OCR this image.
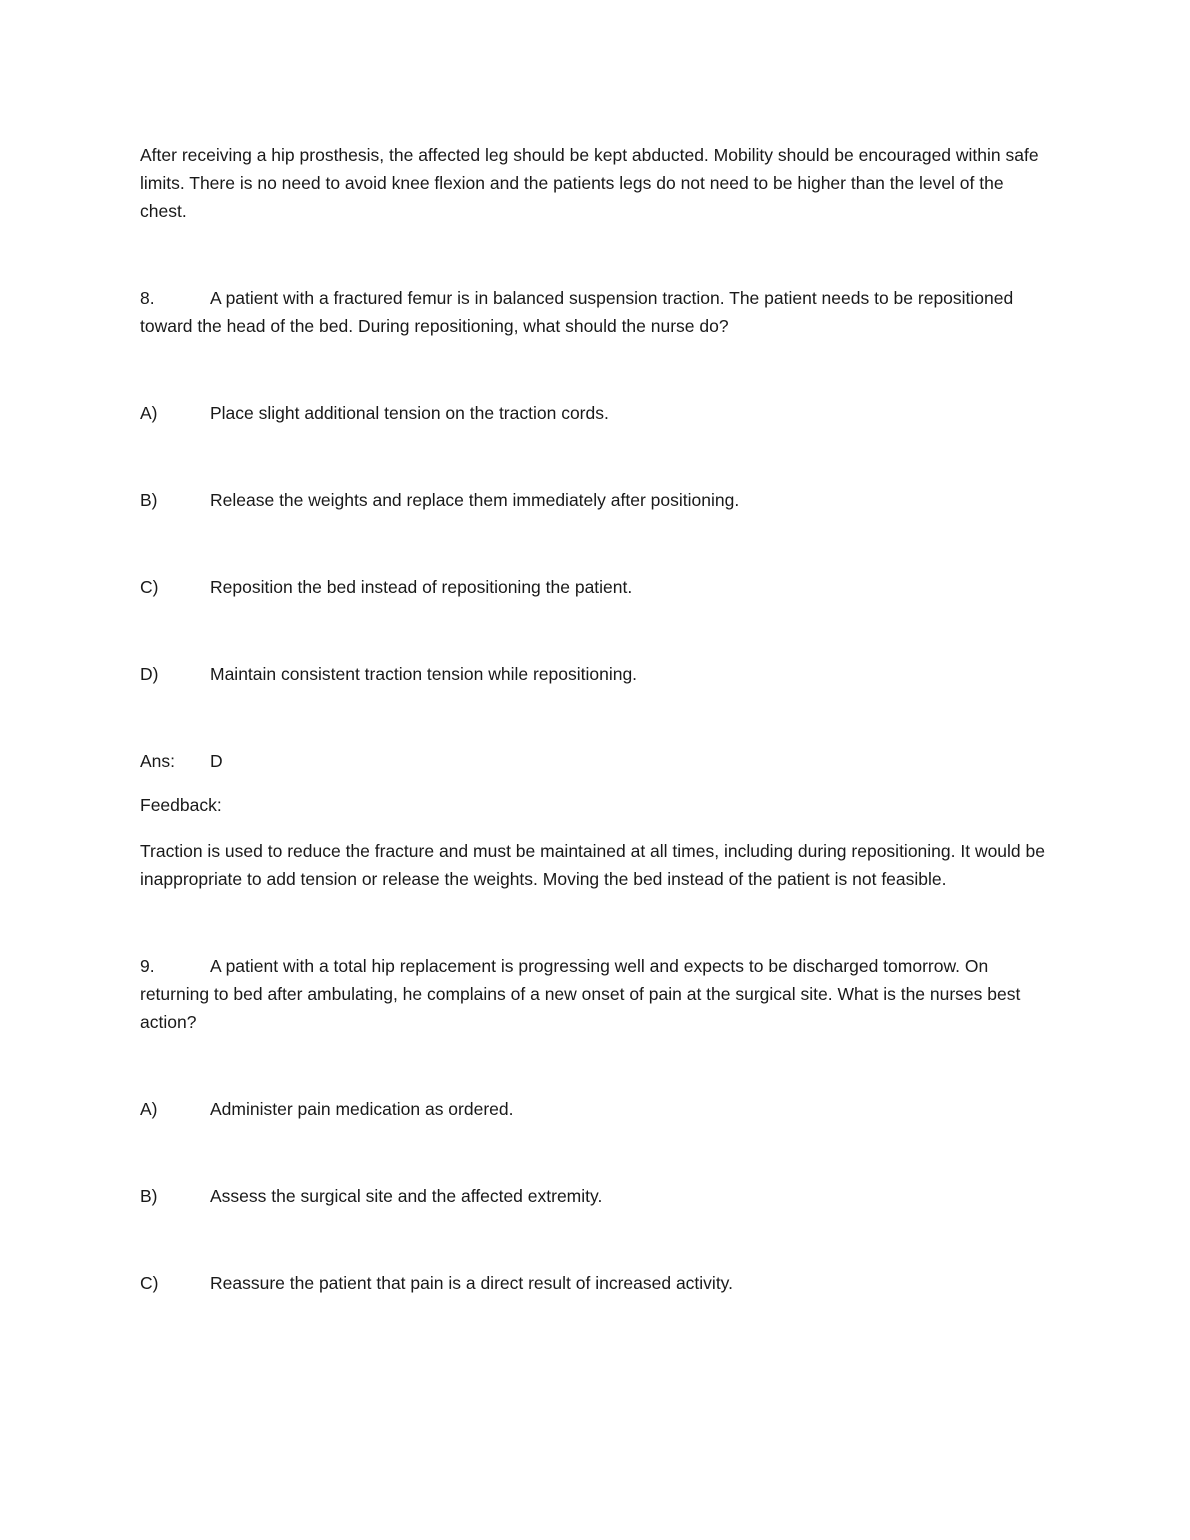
After receiving a hip prosthesis, the affected leg should be kept abducted. Mobility should be encouraged within safe limits. There is no need to avoid knee flexion and the patients legs do not need to be higher than the level of the chest.

8.	A patient with a fractured femur is in balanced suspension traction. The patient needs to be repositioned toward the head of the bed. During repositioning, what should the nurse do?

A)	Place slight additional tension on the traction cords.

B)	Release the weights and replace them immediately after positioning.

C)	Reposition the bed instead of repositioning the patient.

D)	Maintain consistent traction tension while repositioning.

Ans: D

Feedback:

Traction is used to reduce the fracture and must be maintained at all times, including during repositioning. It would be inappropriate to add tension or release the weights. Moving the bed instead of the patient is not feasible.

9.	A patient with a total hip replacement is progressing well and expects to be discharged tomorrow. On returning to bed after ambulating, he complains of a new onset of pain at the surgical site. What is the nurses best action?

A)	Administer pain medication as ordered.

B)	Assess the surgical site and the affected extremity.

C)	Reassure the patient that pain is a direct result of increased activity.
